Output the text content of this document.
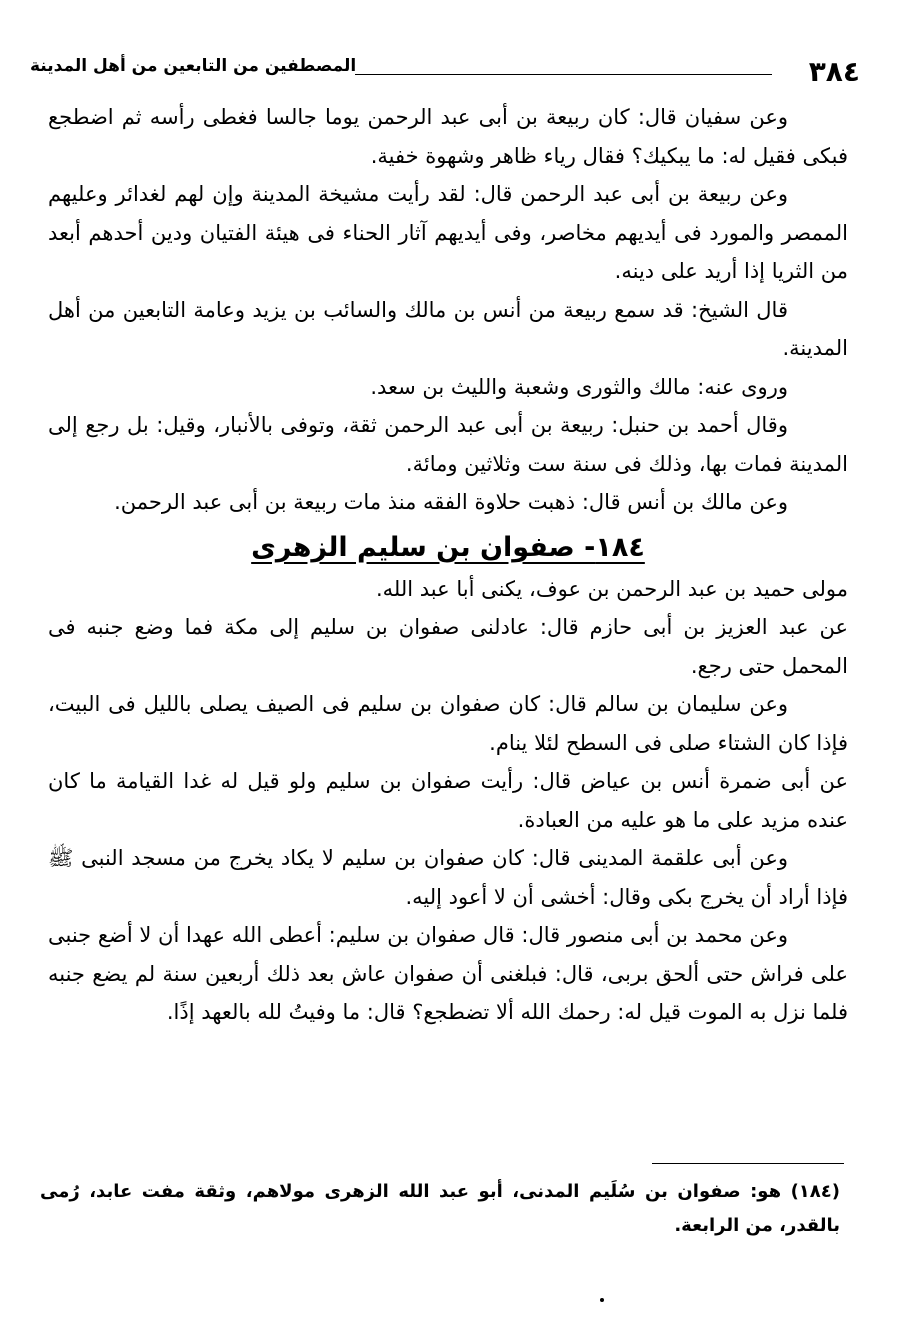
٣٨٤
المصطفين من التابعين من أهل المدينة

وعن سفيان قال: كان ربيعة بن أبى عبد الرحمن يوما جالسا فغطى رأسه ثم اضطجع فبكى فقيل له: ما يبكيك؟ فقال رياء ظاهر وشهوة خفية.

وعن ربيعة بن أبى عبد الرحمن قال: لقد رأيت مشيخة المدينة وإن لهم لغدائر وعليهم الممصر والمورد فى أيديهم مخاصر، وفى أيديهم آثار الحناء فى هيئة الفتيان ودين أحدهم أبعد من الثريا إذا أريد على دينه.

قال الشيخ: قد سمع ربيعة من أنس بن مالك والسائب بن يزيد وعامة التابعين من أهل المدينة.

وروى عنه: مالك والثورى وشعبة والليث بن سعد.

وقال أحمد بن حنبل: ربيعة بن أبى عبد الرحمن ثقة، وتوفى بالأنبار، وقيل: بل رجع إلى المدينة فمات بها، وذلك فى سنة ست وثلاثين ومائة.

وعن مالك بن أنس قال: ذهبت حلاوة الفقه منذ مات ربيعة بن أبى عبد الرحمن.

١٨٤- صفوان بن سليم الزهرى

مولى حميد بن عبد الرحمن بن عوف، يكنى أبا عبد الله.

عن عبد العزيز بن أبى حازم قال: عادلنى صفوان بن سليم إلى مكة فما وضع جنبه فى المحمل حتى رجع.

وعن سليمان بن سالم قال: كان صفوان بن سليم فى الصيف يصلى بالليل فى البيت، فإذا كان الشتاء صلى فى السطح لئلا ينام.

عن أبى ضمرة أنس بن عياض قال: رأيت صفوان بن سليم ولو قيل له غدا القيامة ما كان عنده مزيد على ما هو عليه من العبادة.

وعن أبى علقمة المدينى قال: كان صفوان بن سليم لا يكاد يخرج من مسجد النبى ﷺ فإذا أراد أن يخرج بكى وقال: أخشى أن لا أعود إليه.

وعن محمد بن أبى منصور قال: قال صفوان بن سليم: أعطى الله عهدا أن لا أضع جنبى على فراش حتى ألحق بربى، قال: فبلغنى أن صفوان عاش بعد ذلك أربعين سنة لم يضع جنبه فلما نزل به الموت قيل له: رحمك الله ألا تضطجع؟ قال: ما وفيتُ لله بالعهد إذًا.

(١٨٤) هو: صفوان بن سُلَيم المدنى، أبو عبد الله الزهرى مولاهم، وثقة مفت عابد، رُمى بالقدر، من الرابعة.
